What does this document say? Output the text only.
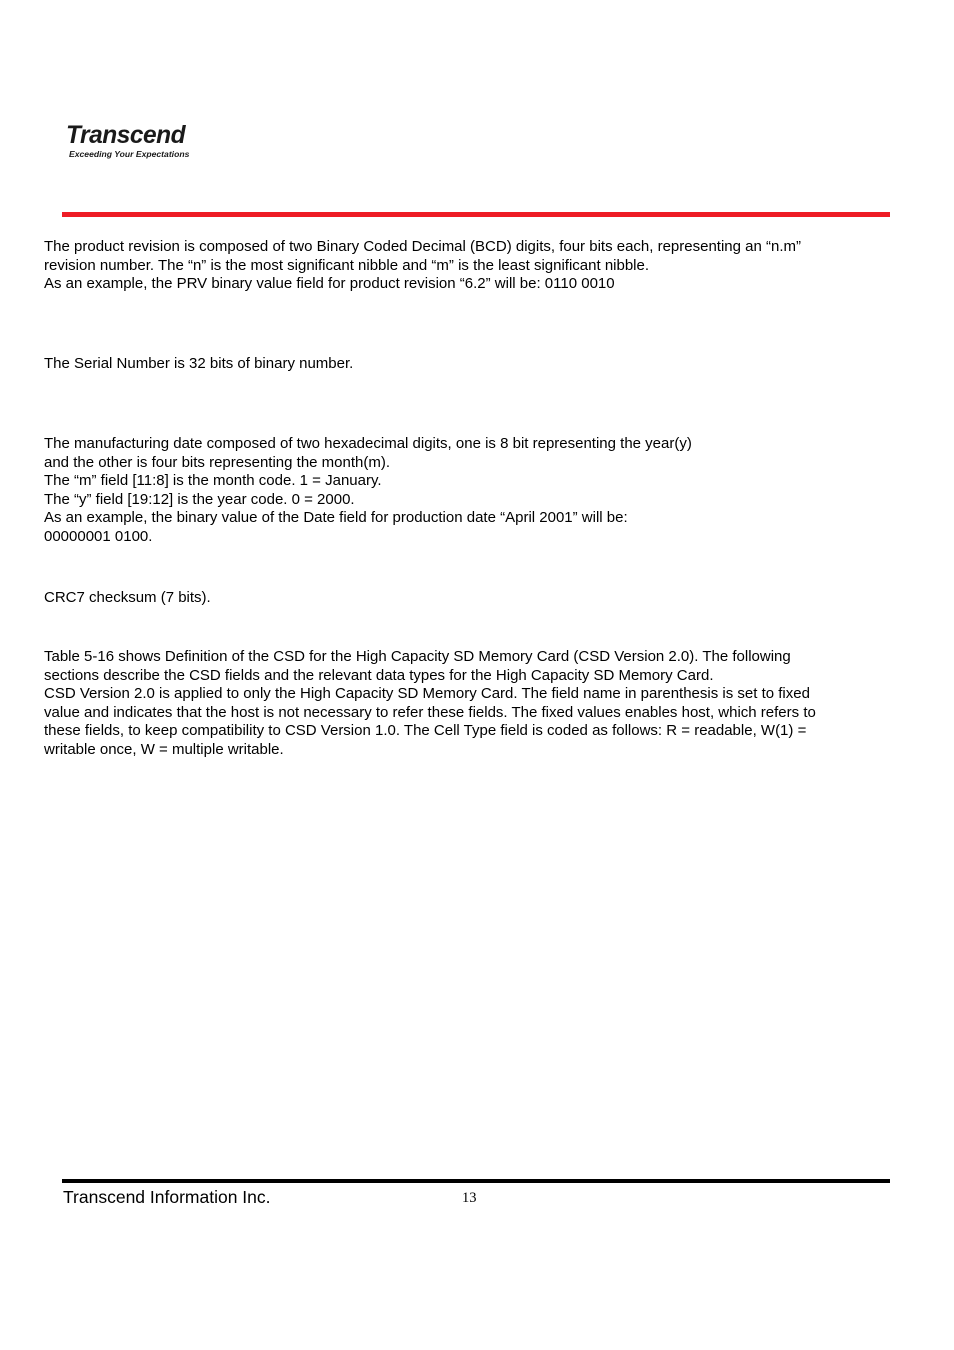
Transcend
Exceeding Your Expectations

The product revision is composed of two Binary Coded Decimal (BCD) digits, four bits each, representing an “n.m”

revision number. The “n” is the most significant nibble and “m” is the least significant nibble.

As an example, the PRV binary value field for product revision “6.2” will be: 0110 0010

The Serial Number is 32 bits of binary number.

The manufacturing date composed of two hexadecimal digits, one is 8 bit representing the year(y)

and the other is four bits representing the month(m).

The “m” field [11:8] is the month code. 1 = January.

The “y” field [19:12] is the year code. 0 = 2000.

As an example, the binary value of the Date field for production date “April 2001” will be:

00000001 0100.

CRC7 checksum (7 bits).

Table 5-16 shows Definition of the CSD for the High Capacity SD Memory Card (CSD Version 2.0). The following

sections describe the CSD fields and the relevant data types for the High Capacity SD Memory Card.

CSD Version 2.0 is applied to only the High Capacity SD Memory Card. The field name in parenthesis is set to fixed

value and indicates that the host is not necessary to refer these fields. The fixed values enables host, which refers to

these fields, to keep compatibility to CSD Version 1.0. The Cell Type field is coded as follows: R = readable, W(1) =

writable once, W = multiple writable.

Transcend Information Inc.	13
